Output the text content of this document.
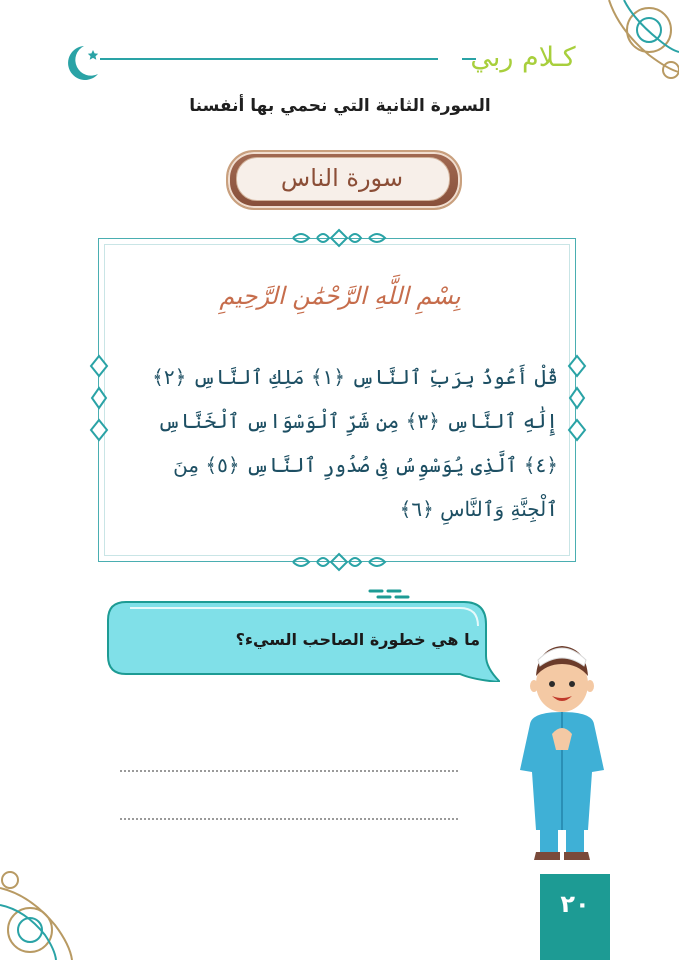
كـلام ربي
السورة الثانية التي نحمي بها أنفسنا
سورة الناس
بِسْمِ اللَّهِ الرَّحْمَٰنِ الرَّحِيمِ
قُلْ أَعُوذُ بِرَبِّ ٱلنَّاسِ ﴿١﴾ مَلِكِ ٱلنَّاسِ ﴿٢﴾
إِلَٰهِ ٱلنَّاسِ ﴿٣﴾ مِن شَرِّ ٱلْوَسْوَاسِ ٱلْخَنَّاسِ
﴿٤﴾ ٱلَّذِى يُوَسْوِسُ فِى صُدُورِ ٱلنَّاسِ ﴿٥﴾ مِنَ
ٱلْجِنَّةِ وَٱلنَّاسِ ﴿٦﴾
ما هي خطورة الصاحب السيء؟
٢٠
